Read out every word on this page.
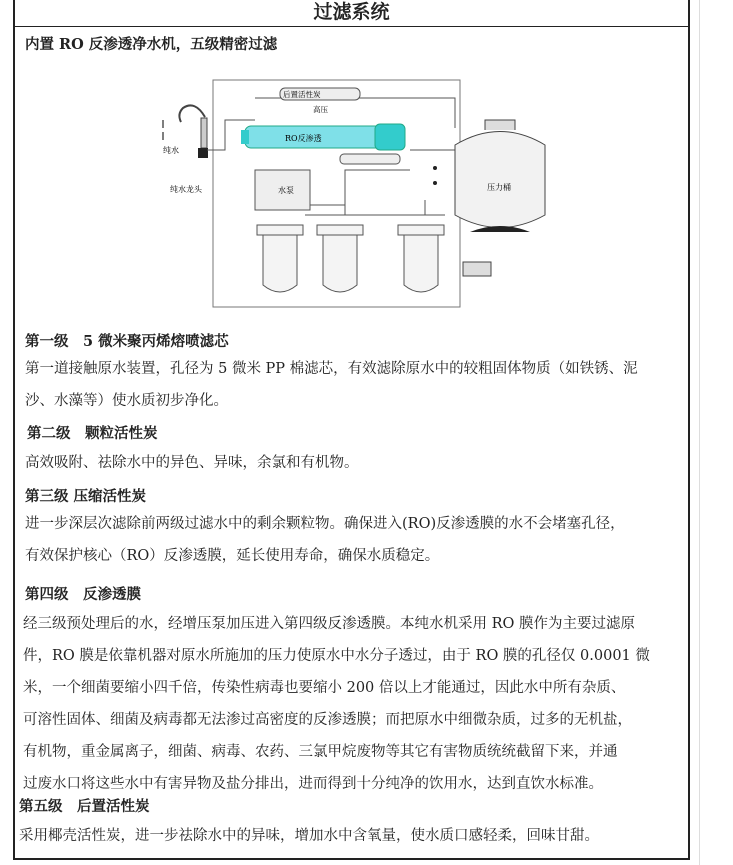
过滤系统
内置 RO 反渗透净水机，五级精密过滤
纯水
纯水龙头
后置活性炭
高压
RO反渗透
水泵	压力桶
第一级　5 微米聚丙烯熔喷滤芯
第一道接触原水装置，孔径为 5 微米 PP 棉滤芯，有效滤除原水中的较粗固体物质（如铁锈、泥
沙、水藻等）使水质初步净化。
第二级　颗粒活性炭
高效吸附、祛除水中的异色、异味，余氯和有机物。
第三级 压缩活性炭
进一步深层次滤除前两级过滤水中的剩余颗粒物。确保进入(RO)反渗透膜的水不会堵塞孔径，
有效保护核心（RO）反渗透膜，延长使用寿命，确保水质稳定。
第四级　反渗透膜
经三级预处理后的水，经增压泵加压进入第四级反渗透膜。本纯水机采用 RO 膜作为主要过滤原
件，RO 膜是依靠机器对原水所施加的压力使原水中水分子透过，由于 RO 膜的孔径仅 0.0001 微
米，一个细菌要缩小四千倍，传染性病毒也要缩小 200 倍以上才能通过，因此水中所有杂质、
可溶性固体、细菌及病毒都无法渗过高密度的反渗透膜；而把原水中细微杂质，过多的无机盐，
有机物，重金属离子，细菌、病毒、农药、三氯甲烷废物等其它有害物质统统截留下来，并通
过废水口将这些水中有害异物及盐分排出，进而得到十分纯净的饮用水，达到直饮水标准。
第五级　后置活性炭
采用椰壳活性炭，进一步祛除水中的异味，增加水中含氧量，使水质口感轻柔，回味甘甜。
